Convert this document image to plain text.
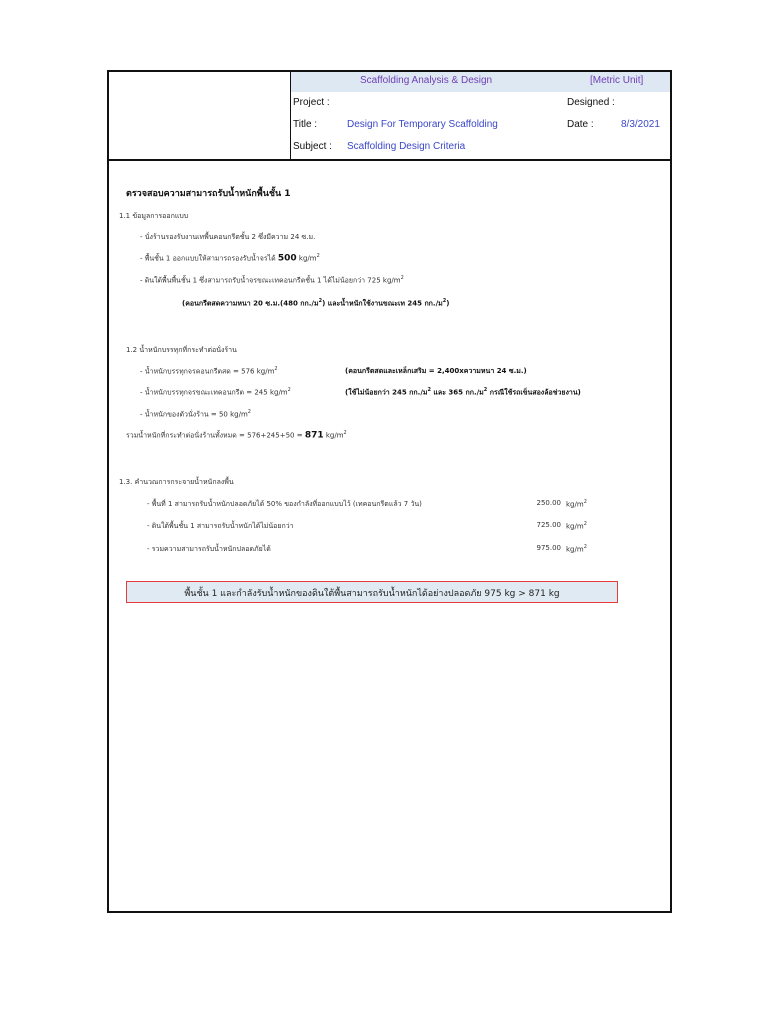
Scaffolding Analysis & Design	[Metric Unit]
Project :	Designed :
Title :	Design For Temporary Scaffolding	Date :	8/3/2021
Subject : Scaffolding Design Criteria
ตรวจสอบความสามารถรับน้ำหนักพื้นชั้น 1
1.1 ข้อมูลการออกแบบ
- นั่งร้านรองรับงานเทพื้นคอนกรีตชั้น 2 ซึ่งมีความ 24 ซ.ม.
- พื้นชั้น 1 ออกแบบให้สามารถรองรับน้ำจรได้ 500 $kg/m^2$
- ดินใต้พื้นพื้นชั้น 1 ซึ่งสามารถรับน้ำจรขณะเทคอนกรีตชั้น 1 ได้ไม่น้อยกว่า 725 $kg/m^2$
(คอนกรีตสดความหนา 20 ซ.ม.(480 กก./ม$^2$) และน้ำหนักใช้งานขณะเท 245 กก./ม$^2$)
1.2 น้ำหนักบรรทุกที่กระทำต่อนั่งร้าน
- น้ำหนักบรรทุกจรคอนกรีตสด = 576 $kg/m^2$	(คอนกรีตสดและเหล็กเสริม = 2,400xความหนา 24 ซ.ม.)
- น้ำหนักบรรทุกจรขณะเทคอนกรีต = 245 $kg/m^2$	(ใช้ไม่น้อยกว่า 245 กก./ม$^2$ และ 365 กก./ม$^2$ กรณีใช้รถเข็นสองล้อช่วยงาน)
- น้ำหนักของตัวนั่งร้าน = 50 $kg/m^2$
รวมน้ำหนักที่กระทำต่อนั่งร้านทั้งหมด = 576+245+50 = 871 $kg/m^2$
1.3. คำนวณการกระจายน้ำหนักลงพื้น
- พื้นที่ 1 สามารถรับน้ำหนักปลอดภัยได้ 50% ของกำลังที่ออกแบบไว้ (เทคอนกรีตแล้ว 7 วัน)	250.00 $kg/m^2$
- ดินใต้พื้นชั้น 1 สามารถรับน้ำหนักได้ไม่น้อยกว่า	725.00 $kg/m^2$
- รวมความสามารถรับน้ำหนักปลอดภัยได้	975.00 $kg/m^2$
พื้นชั้น 1 และกำลังรับน้ำหนักของดินใต้พื้นสามารถรับน้ำหนักได้อย่างปลอดภัย 975 kg > 871 kg
